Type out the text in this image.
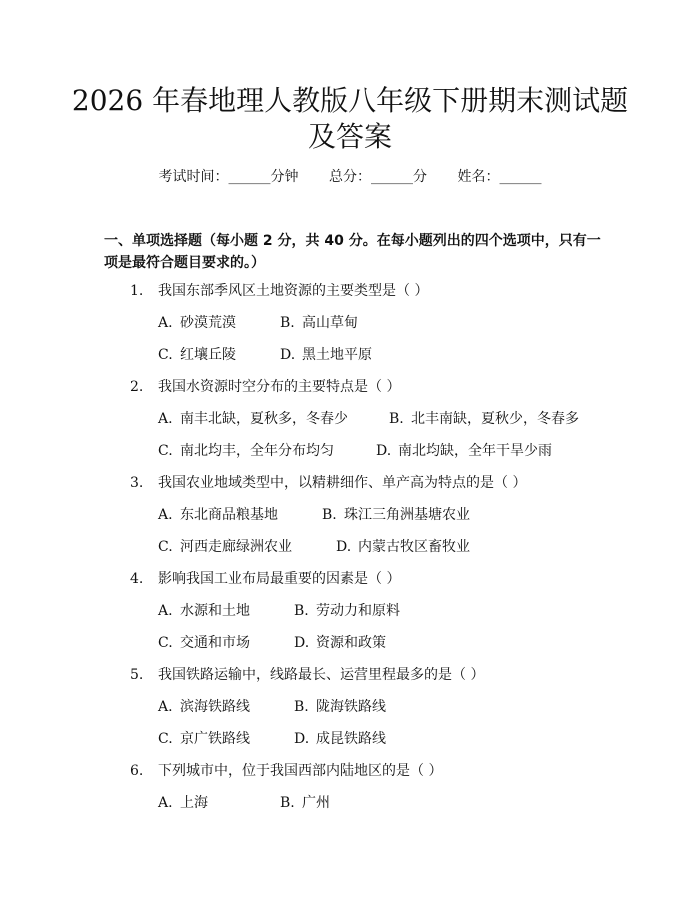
2026 年春地理人教版八年级下册期末测试题
及答案
考试时间：______分钟 总分：______分 姓名：______
一、单项选择题（每小题 2 分，共 40 分。在每小题列出的四个选项中，只有一项是最符合题目要求的。）
1. 我国东部季风区土地资源的主要类型是（ ）
A. 砂漠荒漠	B. 高山草甸
C. 红壤丘陵	D. 黑土地平原
2. 我国水资源时空分布的主要特点是（ ）
A. 南丰北缺，夏秋多，冬春少	B. 北丰南缺，夏秋少，冬春多
C. 南北均丰，全年分布均匀	D. 南北均缺，全年干旱少雨
3. 我国农业地域类型中，以精耕细作、单产高为特点的是（ ）
A. 东北商品粮基地	B. 珠江三角洲基塘农业
C. 河西走廊绿洲农业	D. 内蒙古牧区畜牧业
4. 影响我国工业布局最重要的因素是（ ）
A. 水源和土地	B. 劳动力和原料
C. 交通和市场	D. 资源和政策
5. 我国铁路运输中，线路最长、运营里程最多的是（ ）
A. 滨海铁路线	B. 陇海铁路线
C. 京广铁路线	D. 成昆铁路线
6. 下列城市中，位于我国西部内陆地区的是（ ）
A. 上海	B. 广州
